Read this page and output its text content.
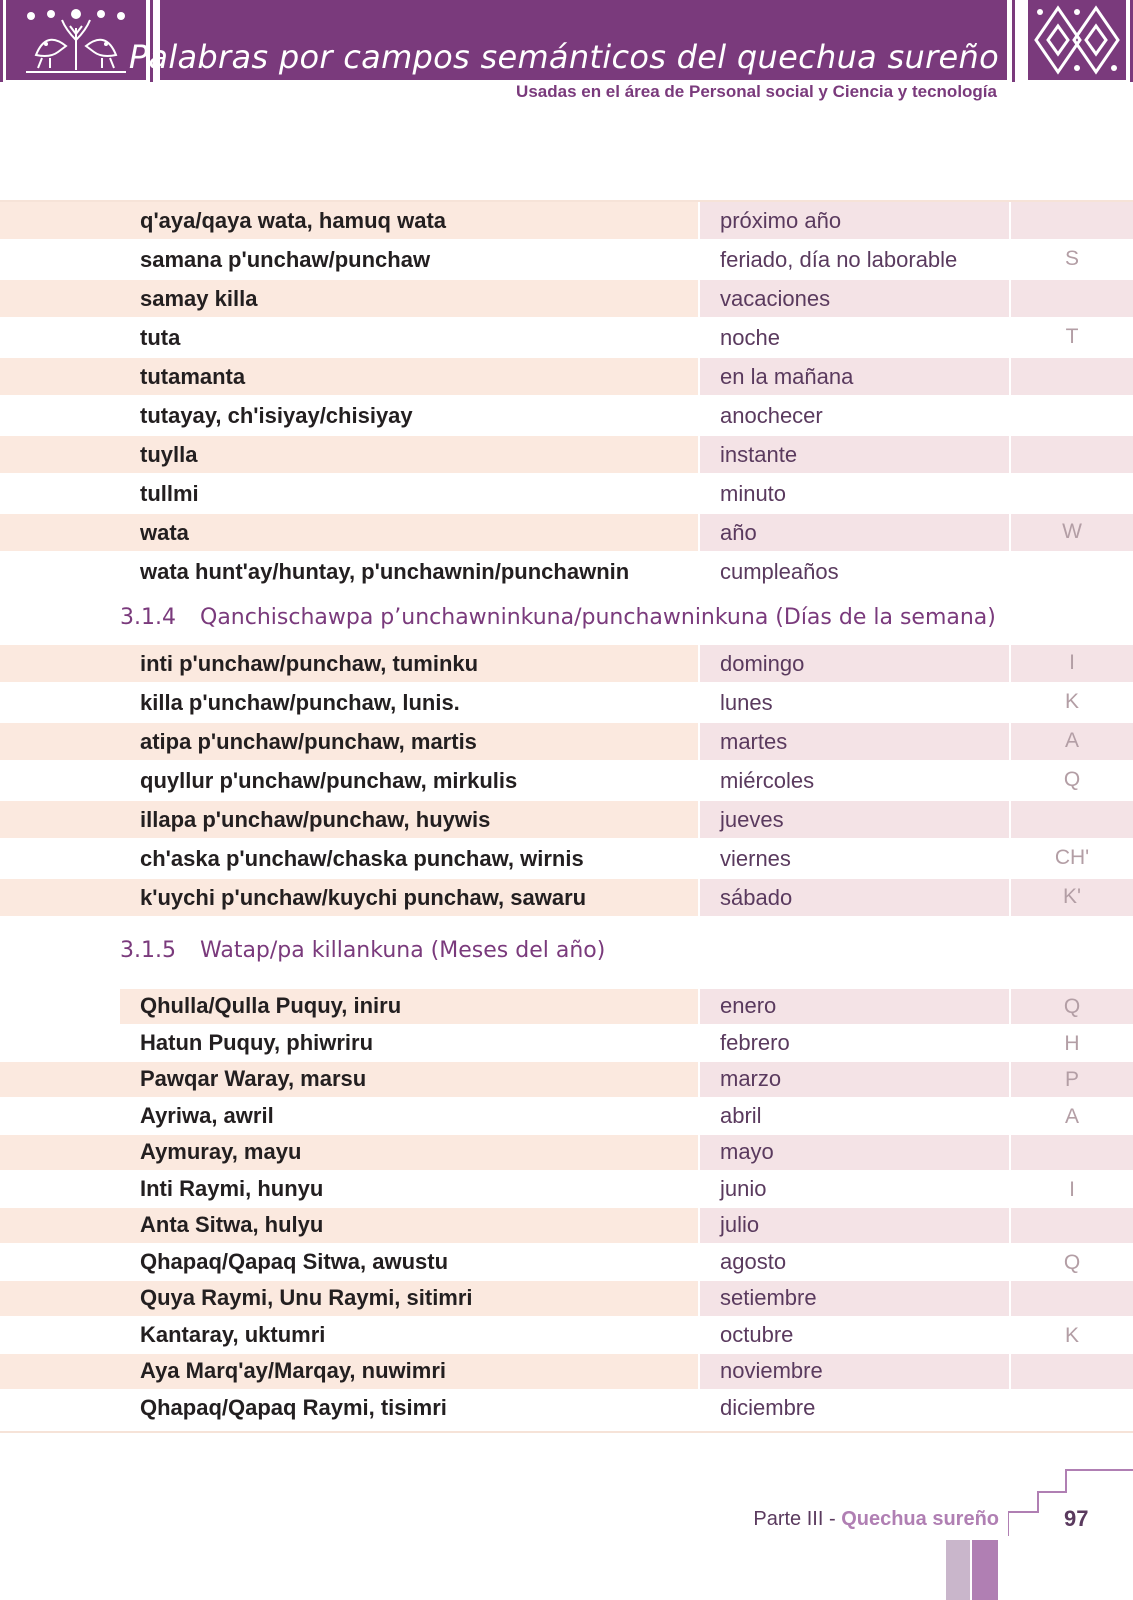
Palabras por campos semánticos del quechua sureño
Usadas en el área de Personal social y Ciencia y tecnología
q'aya/qaya wata, hamuq wata	próximo año
samana p'unchaw/punchaw	feriado, día no laborable	S
samay killa	vacaciones
tuta	noche	T
tutamanta	en la mañana
tutayay, ch'isiyay/chisiyay	anochecer
tuylla	instante
tullmi	minuto
wata	año	W
wata hunt'ay/huntay, p'unchawnin/punchawnin	cumpleaños
inti p'unchaw/punchaw, tuminku	domingo	I
killa p'unchaw/punchaw, lunis.	lunes	K
atipa p'unchaw/punchaw, martis	martes	A
quyllur p'unchaw/punchaw, mirkulis	miércoles	Q
illapa p'unchaw/punchaw, huywis	jueves
ch'aska p'unchaw/chaska punchaw, wirnis	viernes	CH'
k'uychi p'unchaw/kuychi punchaw, sawaru	sábado	K'
Qhulla/Qulla Puquy, iniru	enero	Q
Hatun Puquy, phiwriru	febrero	H
Pawqar Waray, marsu	marzo	P
Ayriwa, awril	abril	A
Aymuray, mayu	mayo
Inti Raymi, hunyu	junio	I
Anta Sitwa, hulyu	julio
Qhapaq/Qapaq Sitwa, awustu	agosto	Q
Quya Raymi, Unu Raymi, sitimri	setiembre
Kantaray, uktumri	octubre	K
Aya Marq'ay/Marqay, nuwimri	noviembre
Qhapaq/Qapaq Raymi, tisimri	diciembre
3.1.4 Qanchischawpa p’unchawninkuna/punchawninkuna (Días de la semana)
3.1.5 Watap/pa killankuna (Meses del año)
Parte III - Quechua sureño	97
